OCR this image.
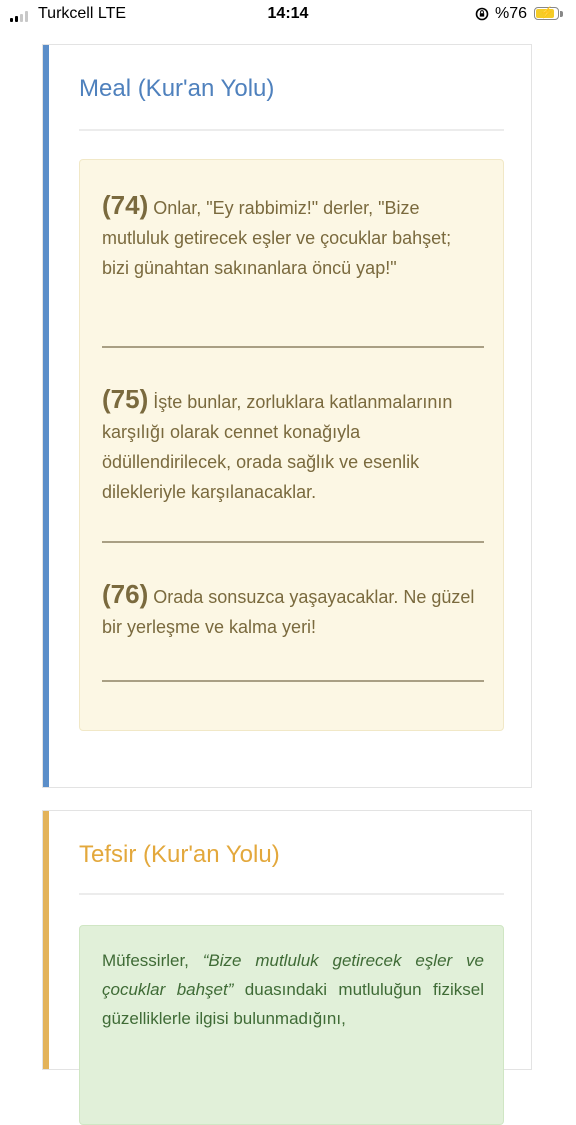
Turkcell LTE	14:14	%76 ⚡
Meal (Kur'an Yolu)
(74) Onlar, "Ey rabbimiz!" derler, "Bize mutluluk getirecek eşler ve çocuklar bahşet; bizi günahtan sakınanlara öncü yap!"
(75) İşte bunlar, zorluklara katlanmalarının karşılığı olarak cennet konağıyla ödüllendirilecek, orada sağlık ve esenlik dilekleriyle karşılanacaklar.
(76) Orada sonsuzca yaşayacaklar. Ne güzel bir yerleşme ve kalma yeri!
Tefsir (Kur'an Yolu)
Müfessirler, “Bize mutluluk getirecek eşler ve çocuklar bahşet” duasındaki mutluluğun fiziksel güzelliklerle ilgisi bulunmadığını,
